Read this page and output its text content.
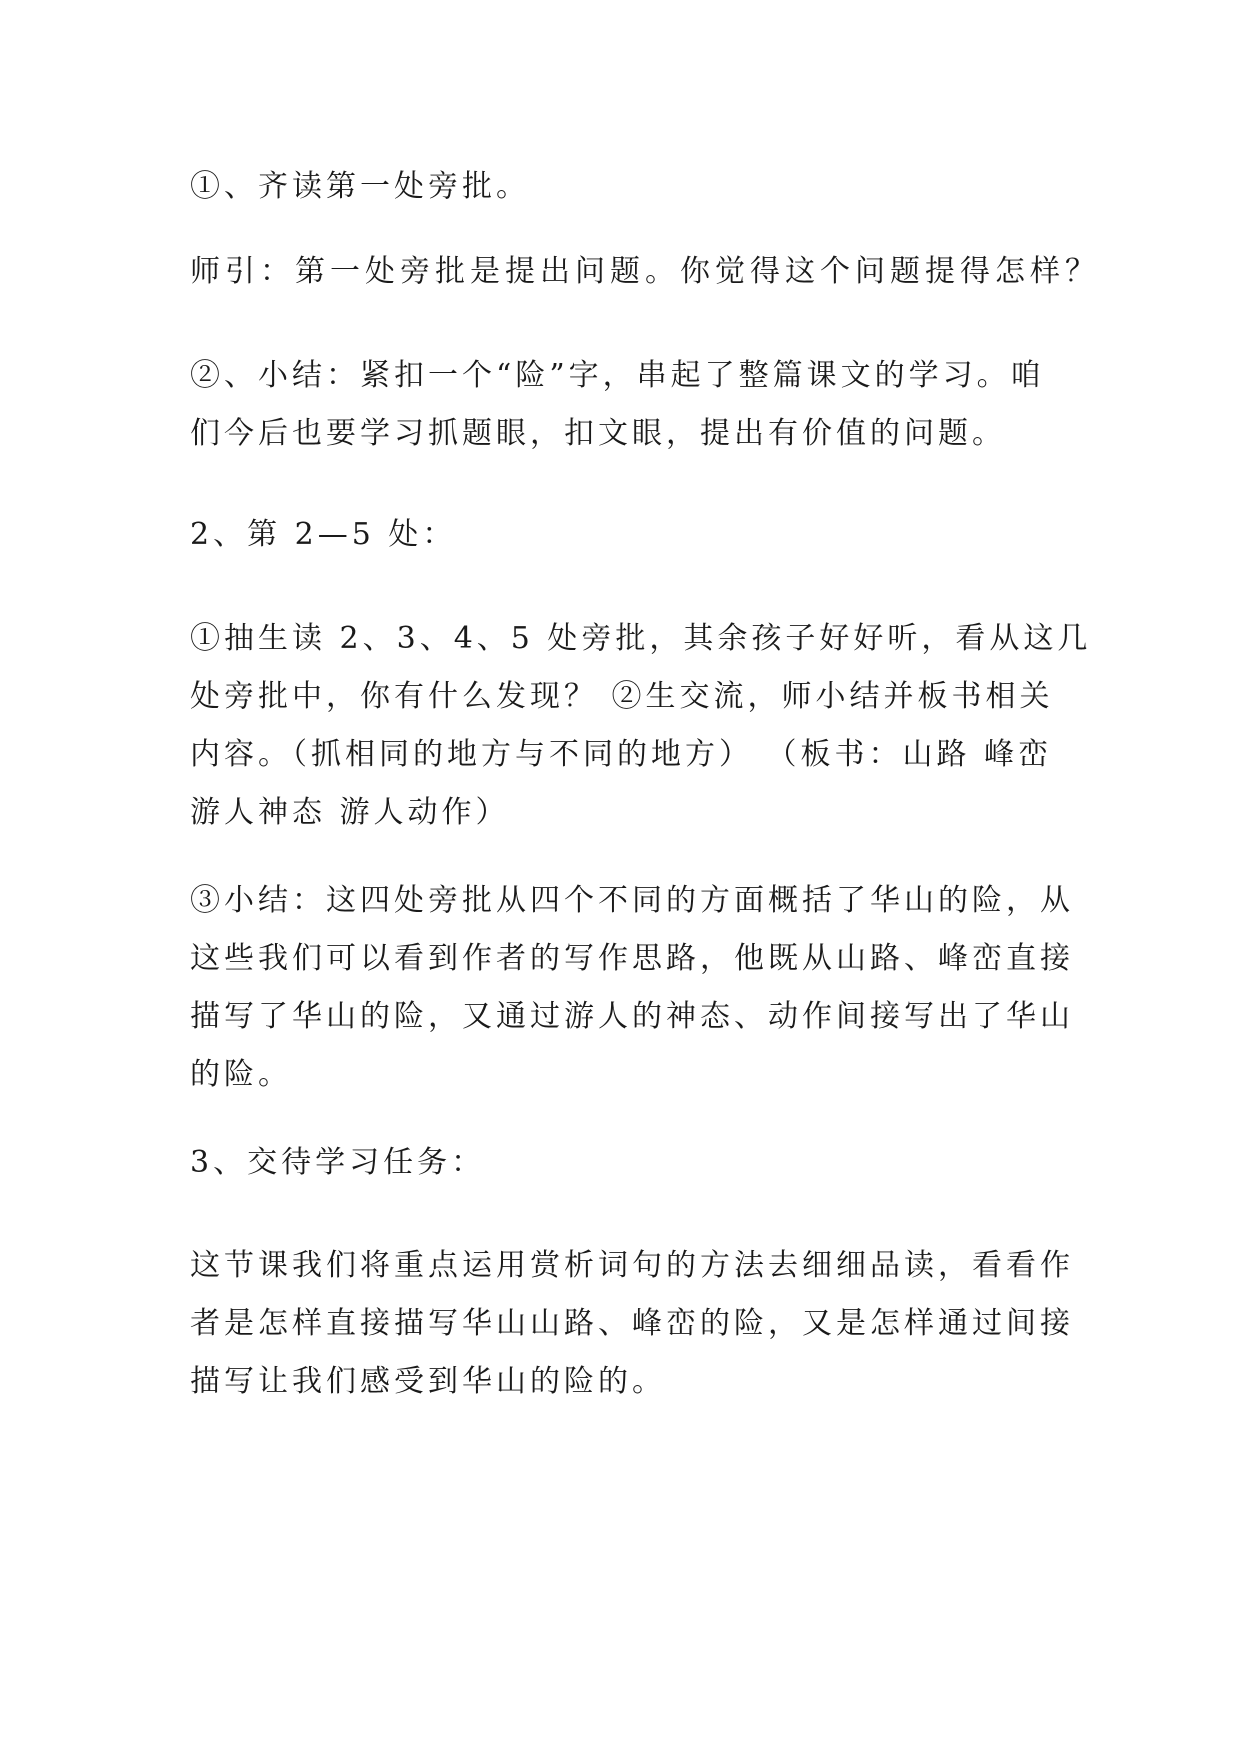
①、齐读第一处旁批。
师引：第一处旁批是提出问题。你觉得这个问题提得怎样？
②、小结：紧扣一个“险”字，串起了整篇课文的学习。咱
们今后也要学习抓题眼，扣文眼，提出有价值的问题。
2、第 2—5 处：
①抽生读 2、3、4、5 处旁批，其余孩子好好听，看从这几
处旁批中，你有什么发现？ ②生交流，师小结并板书相关
内容。（抓相同的地方与不同的地方） （板书：山路 峰峦
游人神态 游人动作）
③小结：这四处旁批从四个不同的方面概括了华山的险，从
这些我们可以看到作者的写作思路，他既从山路、峰峦直接
描写了华山的险，又通过游人的神态、动作间接写出了华山
的险。
3、交待学习任务：
这节课我们将重点运用赏析词句的方法去细细品读，看看作
者是怎样直接描写华山山路、峰峦的险，又是怎样通过间接
描写让我们感受到华山的险的。
